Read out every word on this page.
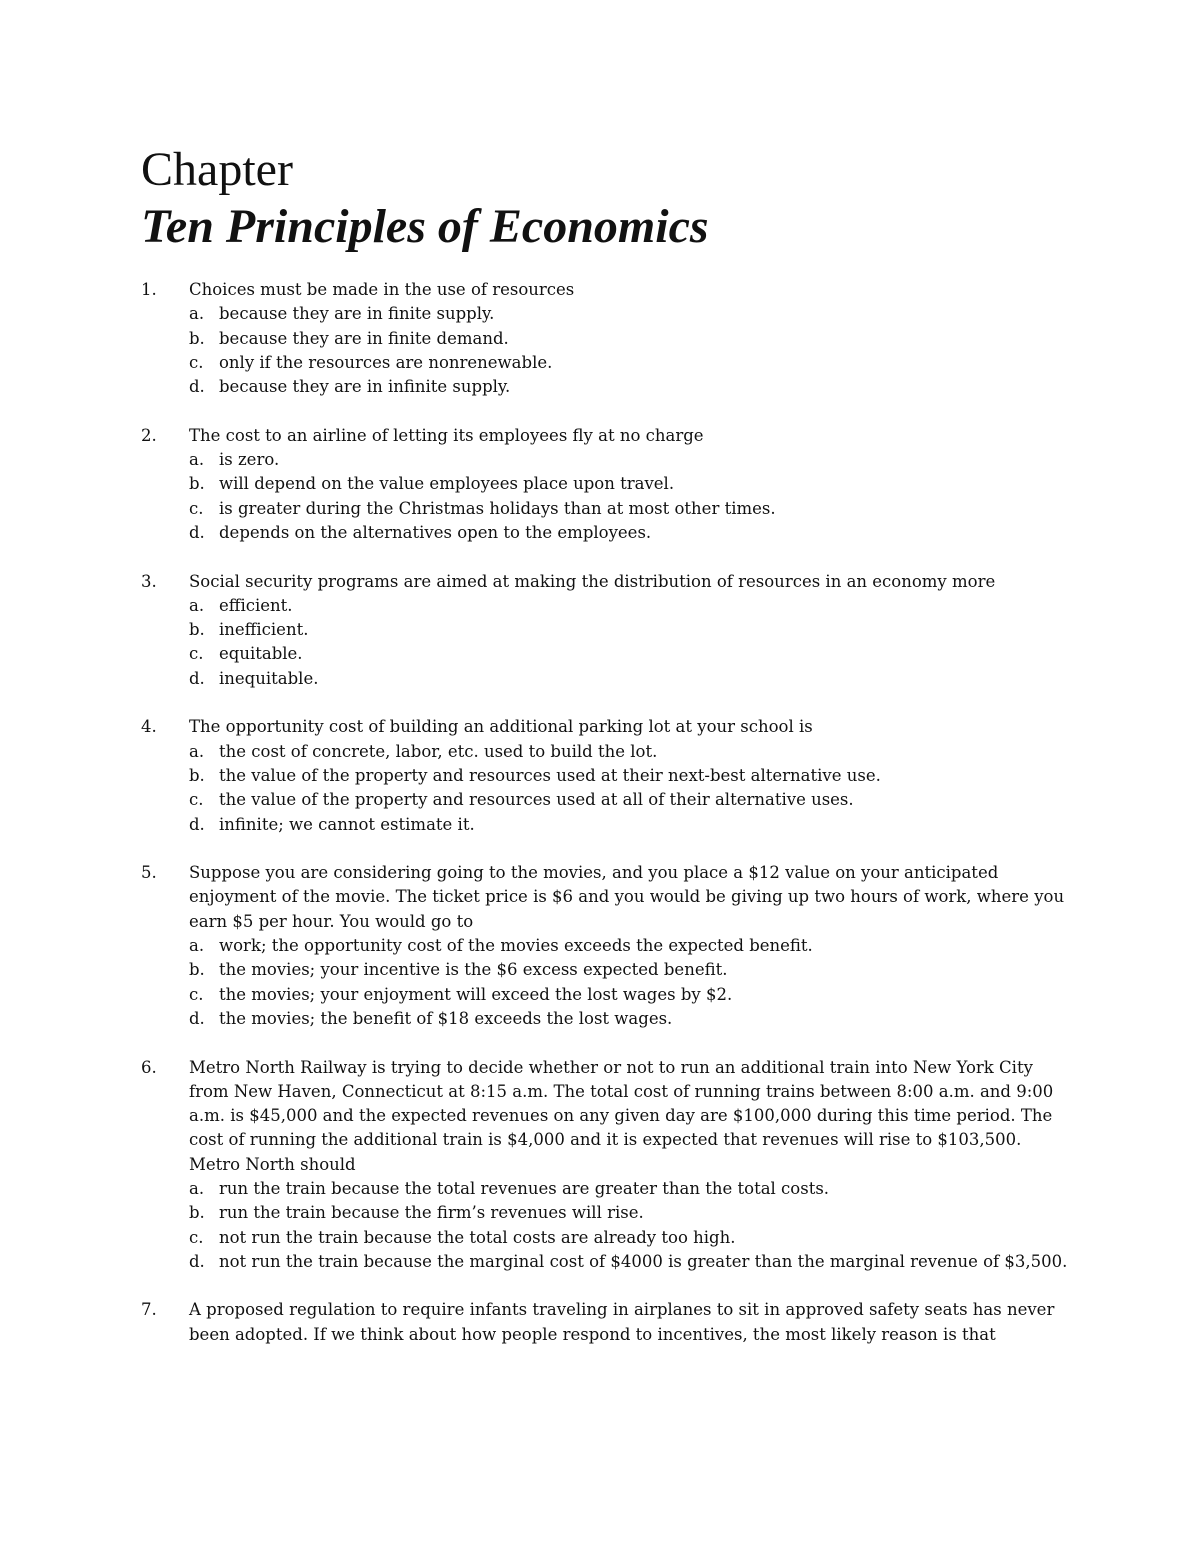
Chapter
Ten Principles of Economics
1. Choices must be made in the use of resources
a. because they are in finite supply.
b. because they are in finite demand.
c. only if the resources are nonrenewable.
d. because they are in infinite supply.
2. The cost to an airline of letting its employees fly at no charge
a. is zero.
b. will depend on the value employees place upon travel.
c. is greater during the Christmas holidays than at most other times.
d. depends on the alternatives open to the employees.
3. Social security programs are aimed at making the distribution of resources in an economy more
a. efficient.
b. inefficient.
c. equitable.
d. inequitable.
4. The opportunity cost of building an additional parking lot at your school is
a. the cost of concrete, labor, etc. used to build the lot.
b. the value of the property and resources used at their next-best alternative use.
c. the value of the property and resources used at all of their alternative uses.
d. infinite; we cannot estimate it.
5. Suppose you are considering going to the movies, and you place a $12 value on your anticipated enjoyment of the movie. The ticket price is $6 and you would be giving up two hours of work, where you earn $5 per hour. You would go to
a. work; the opportunity cost of the movies exceeds the expected benefit.
b. the movies; your incentive is the $6 excess expected benefit.
c. the movies; your enjoyment will exceed the lost wages by $2.
d. the movies; the benefit of $18 exceeds the lost wages.
6. Metro North Railway is trying to decide whether or not to run an additional train into New York City from New Haven, Connecticut at 8:15 a.m. The total cost of running trains between 8:00 a.m. and 9:00 a.m. is $45,000 and the expected revenues on any given day are $100,000 during this time period. The cost of running the additional train is $4,000 and it is expected that revenues will rise to $103,500. Metro North should
a. run the train because the total revenues are greater than the total costs.
b. run the train because the firm’s revenues will rise.
c. not run the train because the total costs are already too high.
d. not run the train because the marginal cost of $4000 is greater than the marginal revenue of $3,500.
7. A proposed regulation to require infants traveling in airplanes to sit in approved safety seats has never been adopted. If we think about how people respond to incentives, the most likely reason is that
